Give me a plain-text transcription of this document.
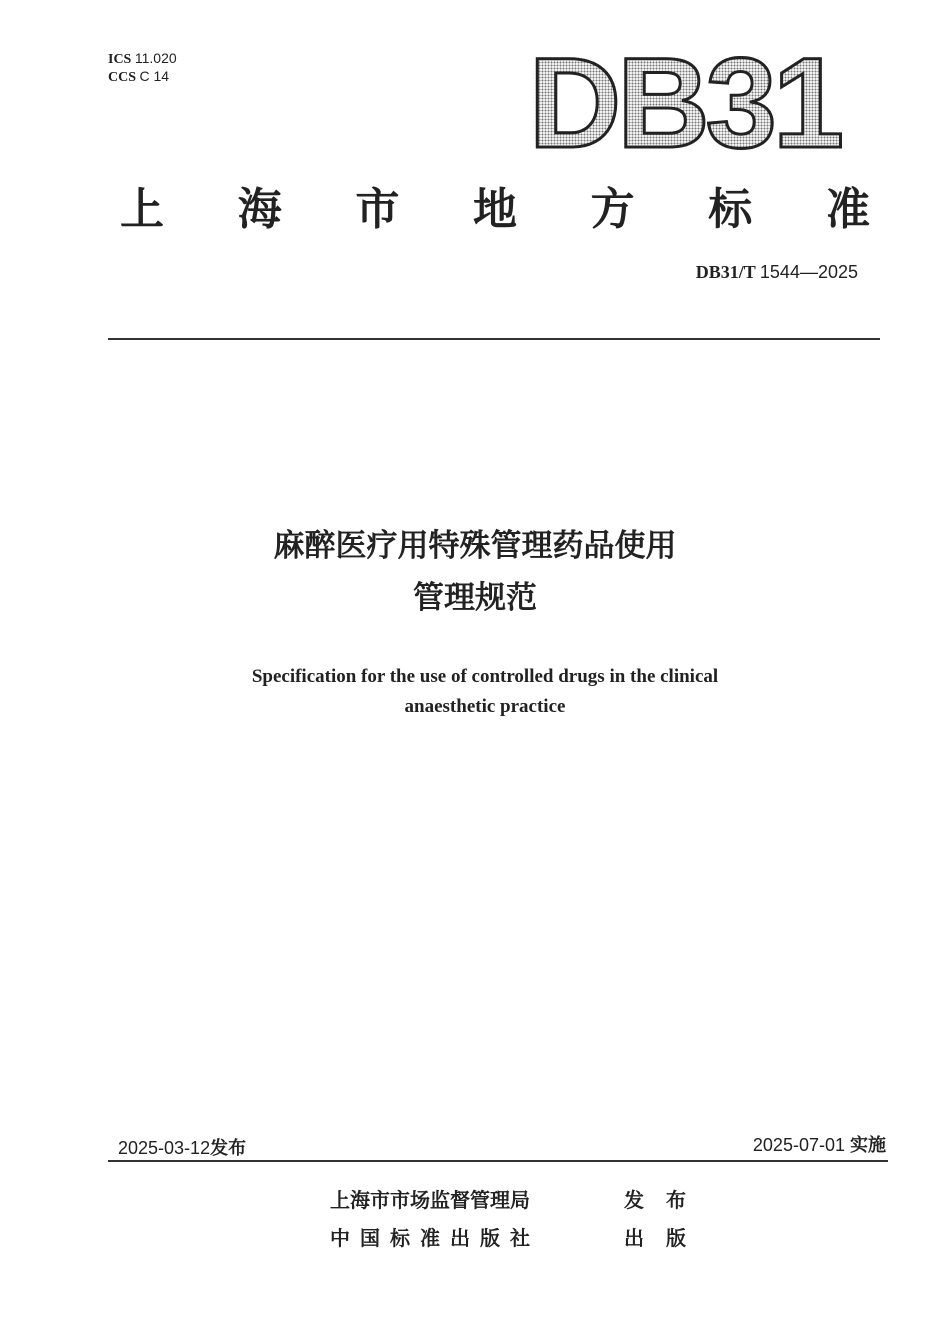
ICS 11.020
CCS C 14	DB31
上 海 市 地 方 标 准
DB31/T 1544—2025
麻醉医疗用特殊管理药品使用
管理规范
Specification for the use of controlled drugs in the clinical
anaesthetic practice
2025-03-12发布	2025-07-01 实施
上海市市场监督管理局	发布
中国标准出版社	出版
